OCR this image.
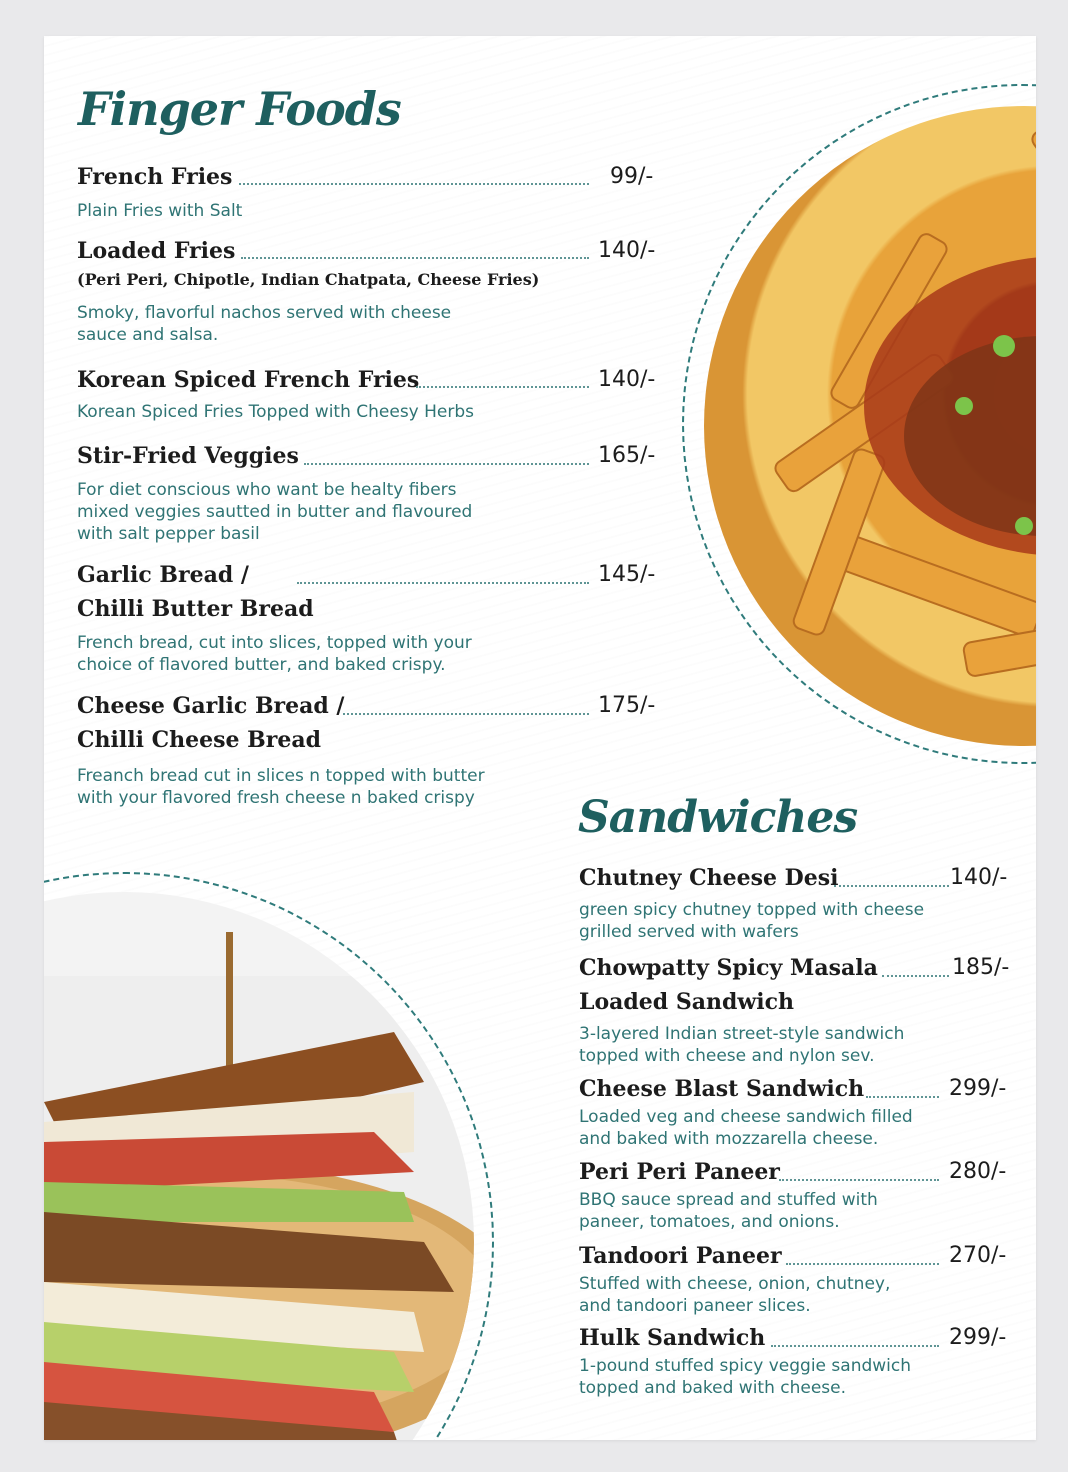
Finger Foods
French Fries
Plain Fries with Salt
99/-
Loaded Fries
(Peri Peri, Chipotle, Indian Chatpata, Cheese Fries)
Smoky, flavorful nachos served with cheese
sauce and salsa.
140/-
Korean Spiced French Fries
Korean Spiced Fries Topped with Cheesy Herbs
140/-
Stir-Fried Veggies
For diet conscious who want be healty fibers
mixed veggies sautted in butter and flavoured
with salt pepper basil
165/-
Garlic Bread /
Chilli Butter Bread
French bread, cut into slices, topped with your
choice of flavored butter, and baked crispy.
145/-
Cheese Garlic Bread /
Chilli Cheese Bread
Freanch bread cut in slices n topped with butter
with your flavored fresh cheese n baked crispy
175/-
Sandwiches
Chutney Cheese Desi
green spicy chutney topped with cheese
grilled served with wafers
140/-
Chowpatty Spicy Masala
Loaded Sandwich
3-layered Indian street-style sandwich
topped with cheese and nylon sev.
185/-
Cheese Blast Sandwich
Loaded veg and cheese sandwich filled
and baked with mozzarella cheese.
299/-
Peri Peri Paneer
BBQ sauce spread and stuffed with
paneer, tomatoes, and onions.
280/-
Tandoori Paneer
Stuffed with cheese, onion, chutney,
and tandoori paneer slices.
270/-
Hulk Sandwich
1-pound stuffed spicy veggie sandwich
topped and baked with cheese.
299/-
